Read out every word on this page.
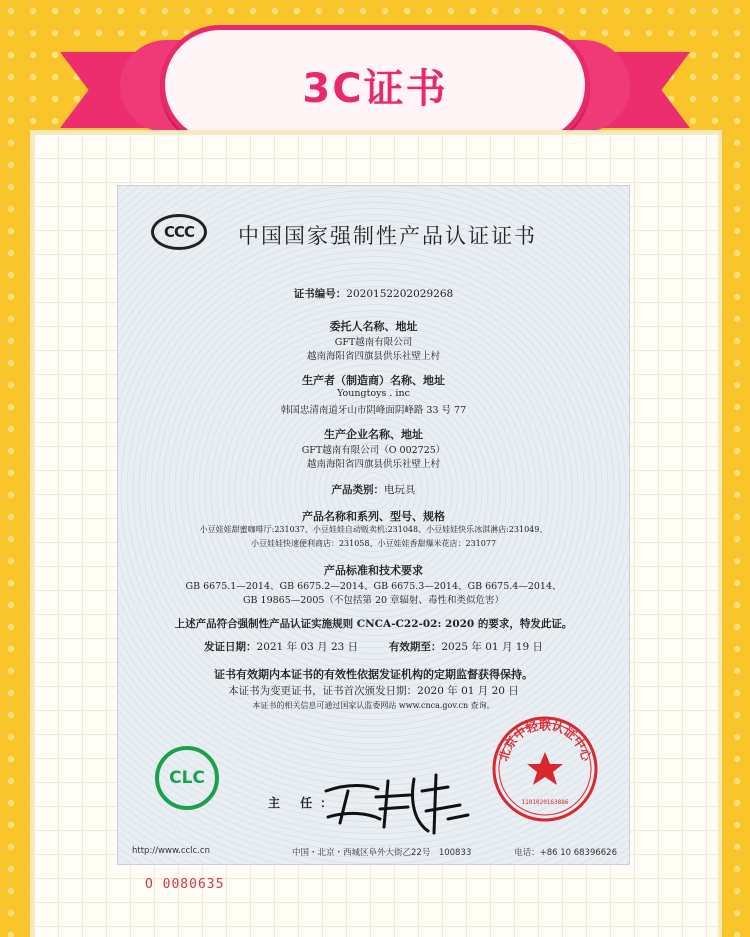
3C证书
CCC 中国国家强制性产品认证证书
证书编号：2020152202029268
委托人名称、地址
GFT越南有限公司
越南海阳省四旗县供乐社壁上村
生产者（制造商）名称、地址
Youngtoys . inc
韩国忠清南道牙山市阴峰面阴峰路 33 号 77
生产企业名称、地址
GFT越南有限公司（O 002725）
越南海阳省四旗县供乐社壁上村
产品类别：电玩具
产品名称和系列、型号、规格
小豆娃娃甜蜜咖啡厅:231037、小豆娃娃自动贩卖机:231048、小豆娃娃快乐冰淇淋店:231049、
小豆娃娃快速便利商店：231058、小豆娃娃香甜爆米花店：231077
产品标准和技术要求
GB 6675.1—2014、GB 6675.2—2014、GB 6675.3—2014、GB 6675.4—2014、
GB 19865—2005（不包括第 20 章辐射、毒性和类似危害）
上述产品符合强制性产品认证实施规则 CNCA-C22-02: 2020 的要求，特发此证。
发证日期：2021 年 03 月 23 日	有效期至：2025 年 01 月 19 日
证书有效期内本证书的有效性依据发证机构的定期监督获得保持。
本证书为变更证书，证书首次颁发日期：2020 年 01 月 20 日
本证书的相关信息可通过国家认监委网站 www.cnca.gov.cn 查询。
CLC
主 任：
北京中轻联认证中心
1101020163886
http://www.cclc.cn	中国・北京・西城区阜外大街乙22号　100833	电话：+86 10 68396626
O 0080635
